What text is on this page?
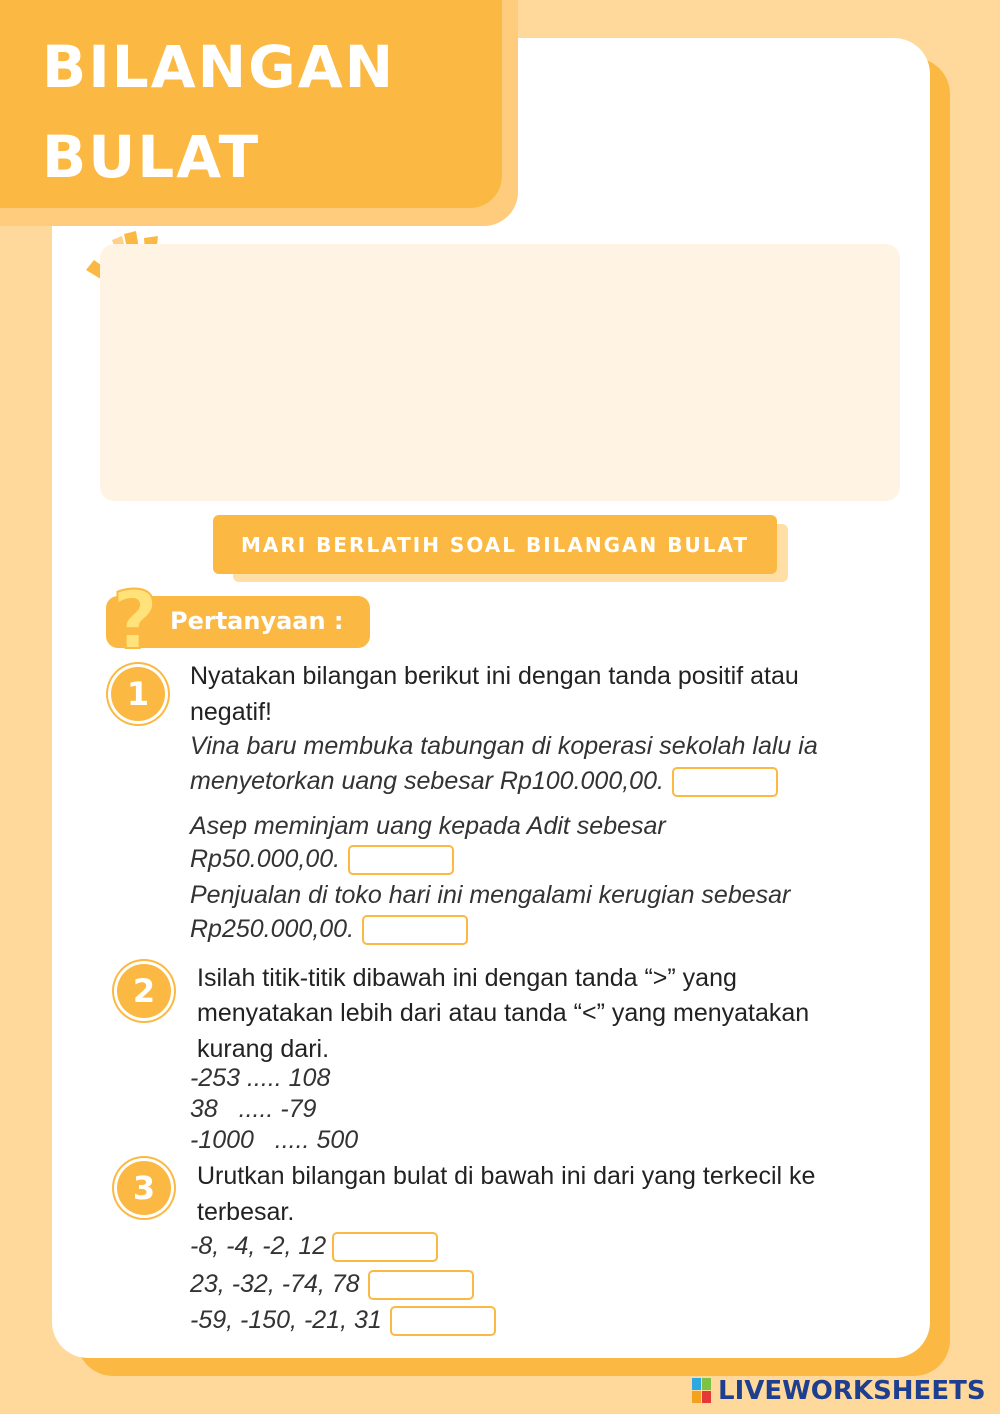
BILANGAN
BULAT
MARI BERLATIH SOAL BILANGAN BULAT
? Pertanyaan :
1	Nyatakan bilangan berikut ini dengan tanda positif atau

negatif!

Vina baru membuka tabungan di koperasi sekolah lalu ia

menyetorkan uang sebesar Rp100.000,00.

Asep meminjam uang kepada Adit sebesar

Rp50.000,00.

Penjualan di toko hari ini mengalami kerugian sebesar

Rp250.000,00.

2	Isilah titik-titik dibawah ini dengan tanda “>” yang

menyatakan lebih dari atau tanda “<” yang menyatakan

kurang dari.

-253 ..... 108

38   ..... -79

-1000   ..... 500

3	Urutkan bilangan bulat di bawah ini dari yang terkecil ke

terbesar.

-8, -4, -2, 12

23, -32, -74, 78

-59, -150, -21, 31

LIVEWORKSHEETS
